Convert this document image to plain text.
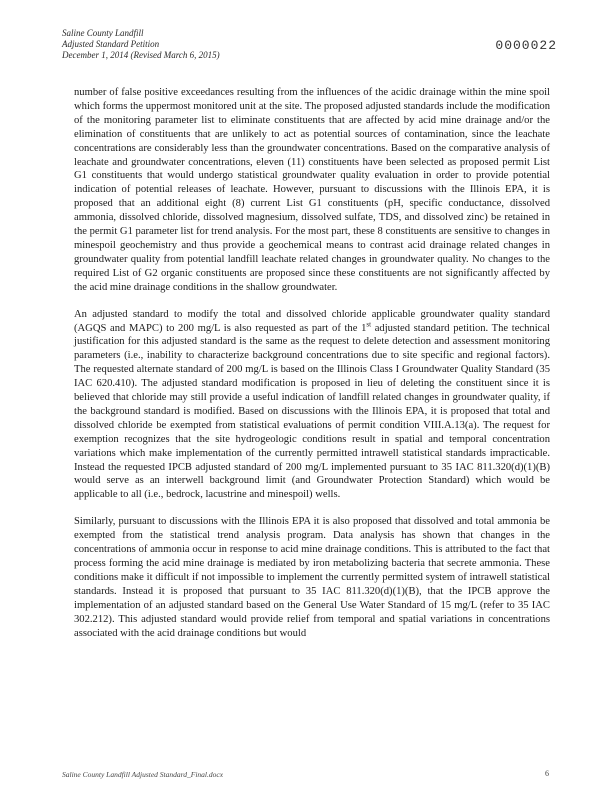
Saline County Landfill
Adjusted Standard Petition
December 1, 2014 (Revised March 6, 2015)
0000022

number of false positive exceedances resulting from the influences of the acidic drainage within the mine spoil which forms the uppermost monitored unit at the site. The proposed adjusted standards include the modification of the monitoring parameter list to eliminate constituents that are affected by acid mine drainage and/or the elimination of constituents that are unlikely to act as potential sources of contamination, since the leachate concentrations are considerably less than the groundwater concentrations. Based on the comparative analysis of leachate and groundwater concentrations, eleven (11) constituents have been selected as proposed permit List G1 constituents that would undergo statistical groundwater quality evaluation in order to provide potential indication of potential releases of leachate. However, pursuant to discussions with the Illinois EPA, it is proposed that an additional eight (8) current List G1 constituents (pH, specific conductance, dissolved ammonia, dissolved chloride, dissolved magnesium, dissolved sulfate, TDS, and dissolved zinc) be retained in the permit G1 parameter list for trend analysis. For the most part, these 8 constituents are sensitive to changes in minespoil geochemistry and thus provide a geochemical means to contrast acid drainage related changes in groundwater quality from potential landfill leachate related changes in groundwater quality. No changes to the required List of G2 organic constituents are proposed since these constituents are not significantly affected by the acid mine drainage conditions in the shallow groundwater.

An adjusted standard to modify the total and dissolved chloride applicable groundwater quality standard (AGQS and MAPC) to 200 mg/L is also requested as part of the 1st adjusted standard petition. The technical justification for this adjusted standard is the same as the request to delete detection and assessment monitoring parameters (i.e., inability to characterize background concentrations due to site specific and regional factors). The requested alternate standard of 200 mg/L is based on the Illinois Class I Groundwater Quality Standard (35 IAC 620.410). The adjusted standard modification is proposed in lieu of deleting the constituent since it is believed that chloride may still provide a useful indication of landfill related changes in groundwater quality, if the background standard is modified. Based on discussions with the Illinois EPA, it is proposed that total and dissolved chloride be exempted from statistical evaluations of permit condition VIII.A.13(a). The request for exemption recognizes that the site hydrogeologic conditions result in spatial and temporal concentration variations which make implementation of the currently permitted intrawell statistical standards impracticable. Instead the requested IPCB adjusted standard of 200 mg/L implemented pursuant to 35 IAC 811.320(d)(1)(B) would serve as an interwell background limit (and Groundwater Protection Standard) which would be applicable to all (i.e., bedrock, lacustrine and minespoil) wells.

Similarly, pursuant to discussions with the Illinois EPA it is also proposed that dissolved and total ammonia be exempted from the statistical trend analysis program. Data analysis has shown that changes in the concentrations of ammonia occur in response to acid mine drainage conditions. This is attributed to the fact that process forming the acid mine drainage is mediated by iron metabolizing bacteria that secrete ammonia. These conditions make it difficult if not impossible to implement the currently permitted system of intrawell statistical standards. Instead it is proposed that pursuant to 35 IAC 811.320(d)(1)(B), that the IPCB approve the implementation of an adjusted standard based on the General Use Water Standard of 15 mg/L (refer to 35 IAC 302.212). This adjusted standard would provide relief from temporal and spatial variations in concentrations associated with the acid drainage conditions but would

Saline County Landfill Adjusted Standard_Final.docx	6
